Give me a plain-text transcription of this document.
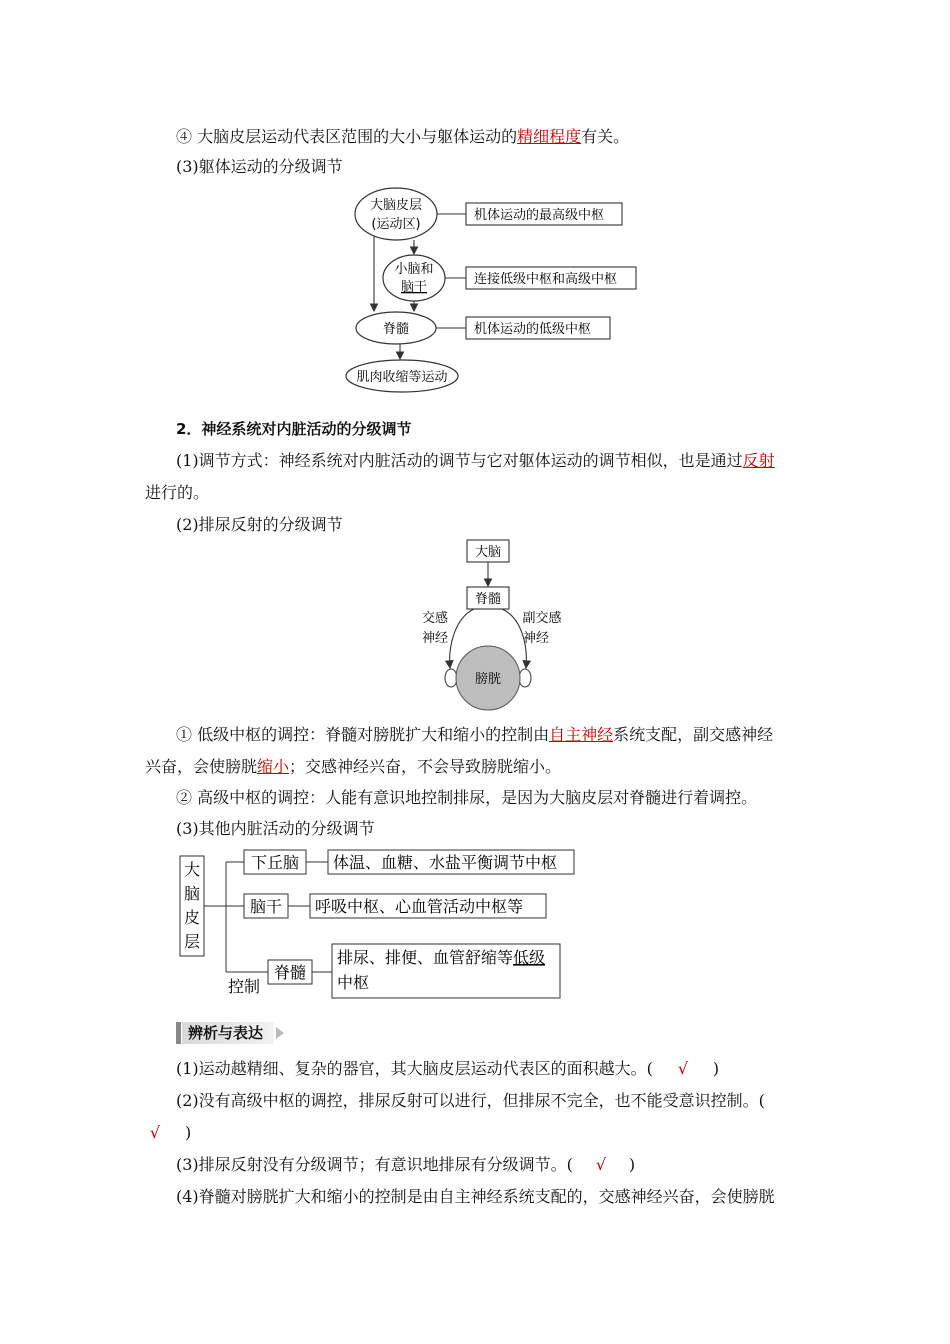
④ 大脑皮层运动代表区范围的大小与躯体运动的精细程度有关。
(3)躯体运动的分级调节
大脑皮层
(运动区)
小脑和
脑干
脊髓
肌肉收缩等运动
机体运动的最高级中枢
连接低级中枢和高级中枢
机体运动的低级中枢
2．神经系统对内脏活动的分级调节
(1)调节方式：神经系统对内脏活动的调节与它对躯体运动的调节相似，也是通过反射
进行的。
(2)排尿反射的分级调节
大脑
脊髓
交感
神经
副交感
神经
膀胱
① 低级中枢的调控：脊髓对膀胱扩大和缩小的控制由自主神经系统支配，副交感神经
兴奋，会使膀胱缩小；交感神经兴奋，不会导致膀胱缩小。
② 高级中枢的调控：人能有意识地控制排尿，是因为大脑皮层对脊髓进行着调控。
(3)其他内脏活动的分级调节
大
脑
皮
层
控制
下丘脑 体温、血糖、水盐平衡调节中枢
脑干 呼吸中枢、心血管活动中枢等
脊髓
排尿、排便、血管舒缩等低级
中枢
辨析与表达
(1)运动越精细、复杂的器官，其大脑皮层运动代表区的面积越大。( √ )
(2)没有高级中枢的调控，排尿反射可以进行，但排尿不完全，也不能受意识控制。(
√ )
(3)排尿反射没有分级调节；有意识地排尿有分级调节。( √ )
(4)脊髓对膀胱扩大和缩小的控制是由自主神经系统支配的，交感神经兴奋，会使膀胱
